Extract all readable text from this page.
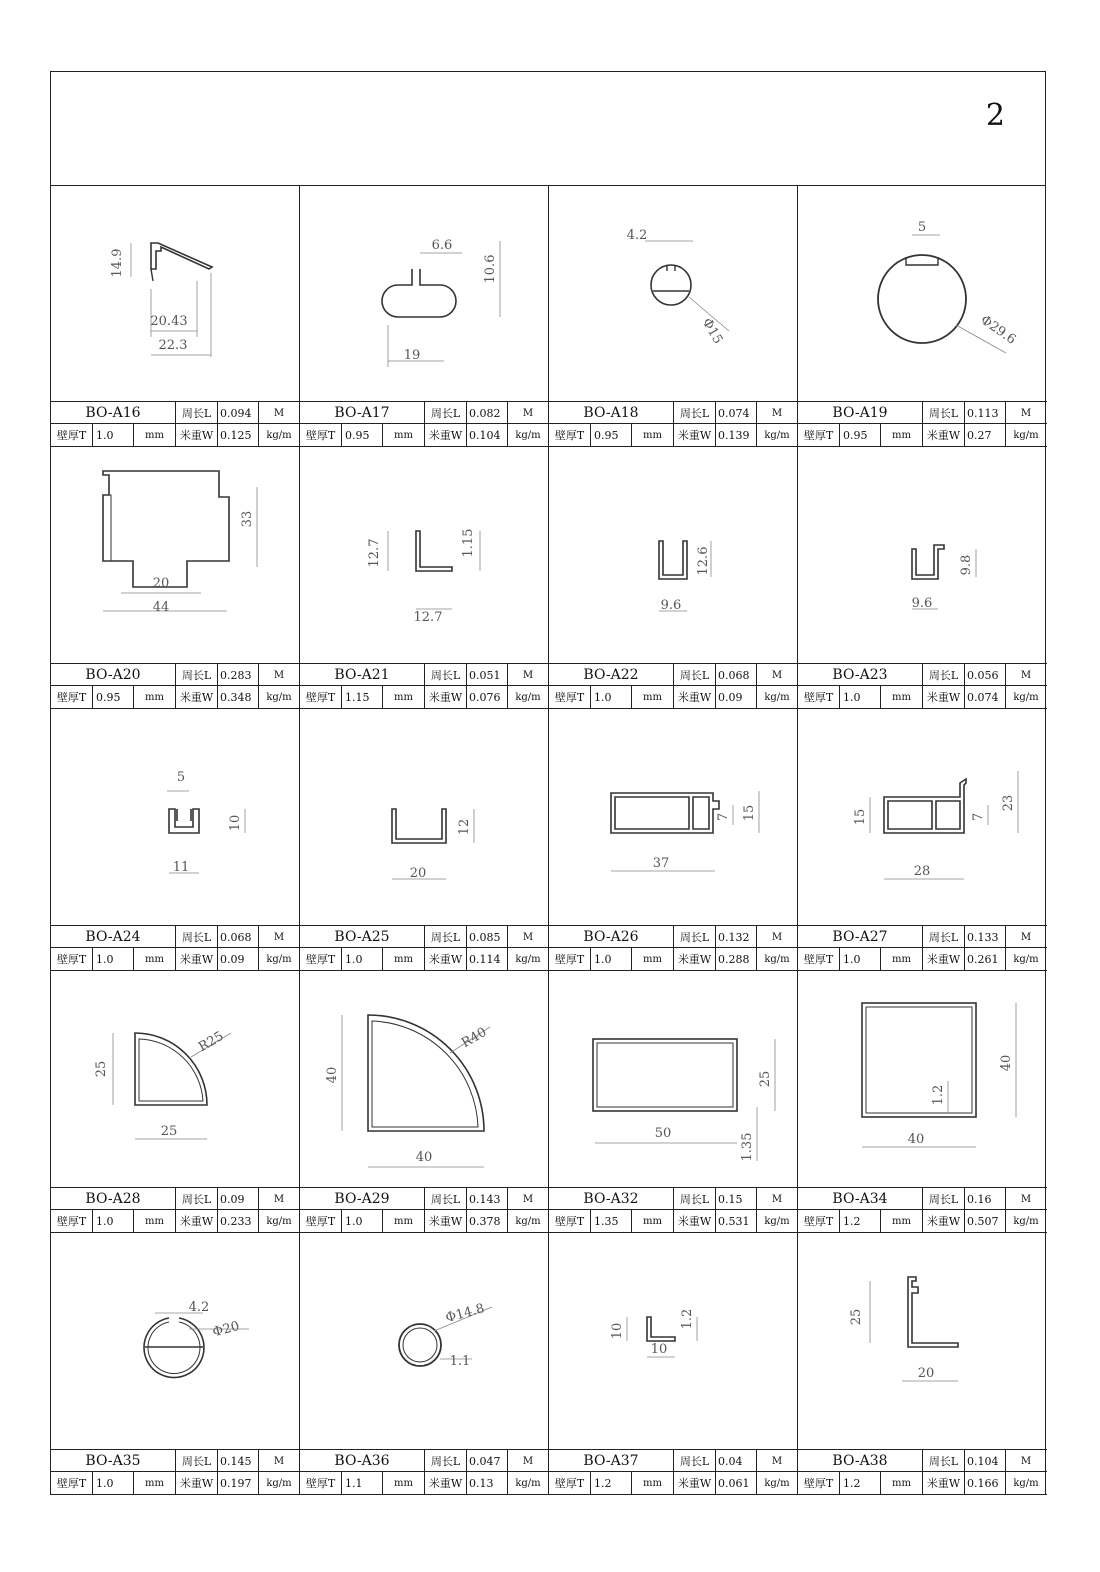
2
14.9
20.43
22.3
BO-A16	周长L 0.094	M
壁厚T 1.0	mm	米重W 0.125	kg/m
6.6
10.6
19
BO-A17	周长L 0.082	M
壁厚T 0.95	mm	米重W 0.104	kg/m
4.2
Φ15
BO-A18	周长L 0.074	M
壁厚T 0.95	mm	米重W 0.139	kg/m
5
Φ29.6
BO-A19	周长L 0.113	M
壁厚T 0.95	mm	米重W 0.27	kg/m
33
20
44
BO-A20	周长L 0.283	M
壁厚T 0.95	mm	米重W 0.348	kg/m
12.7	1.15
12.7
BO-A21	周长L 0.051	M
壁厚T 1.15	mm	米重W 0.076	kg/m
12.6
9.6
BO-A22	周长L 0.068	M
壁厚T 1.0	mm	米重W 0.09	kg/m
9.8
9.6
BO-A23	周长L 0.056	M
壁厚T 1.0	mm	米重W 0.074	kg/m
5
10
11
BO-A24	周长L 0.068	M
壁厚T 1.0	mm	米重W 0.09	kg/m
12
20
BO-A25	周长L 0.085	M
壁厚T 1.0	mm	米重W 0.114	kg/m
7 15
37
BO-A26	周长L 0.132	M
壁厚T 1.0	mm	米重W 0.288	kg/m
15	7
23
28
BO-A27	周长L 0.133	M
壁厚T 1.0	mm	米重W 0.261	kg/m
25
R25
25
BO-A28	周长L 0.09	M
壁厚T 1.0	mm	米重W 0.233	kg/m
40
R40
40
BO-A29	周长L 0.143	M
壁厚T 1.0	mm	米重W 0.378	kg/m
25
50	1.35
BO-A32	周长L 0.15	M
壁厚T 1.35	mm	米重W 0.531	kg/m
40
1.2
40
BO-A34	周长L 0.16	M
壁厚T 1.2	mm	米重W 0.507	kg/m
4.2
Φ20
BO-A35	周长L 0.145	M
壁厚T 1.0	mm	米重W 0.197	kg/m
Φ14.8
1.1
BO-A36	周长L 0.047	M
壁厚T 1.1	mm	米重W 0.13	kg/m
10
1.2
10
BO-A37	周长L 0.04	M
壁厚T 1.2	mm	米重W 0.061	kg/m
25
20
BO-A38	周长L 0.104	M
壁厚T 1.2	mm	米重W 0.166	kg/m
